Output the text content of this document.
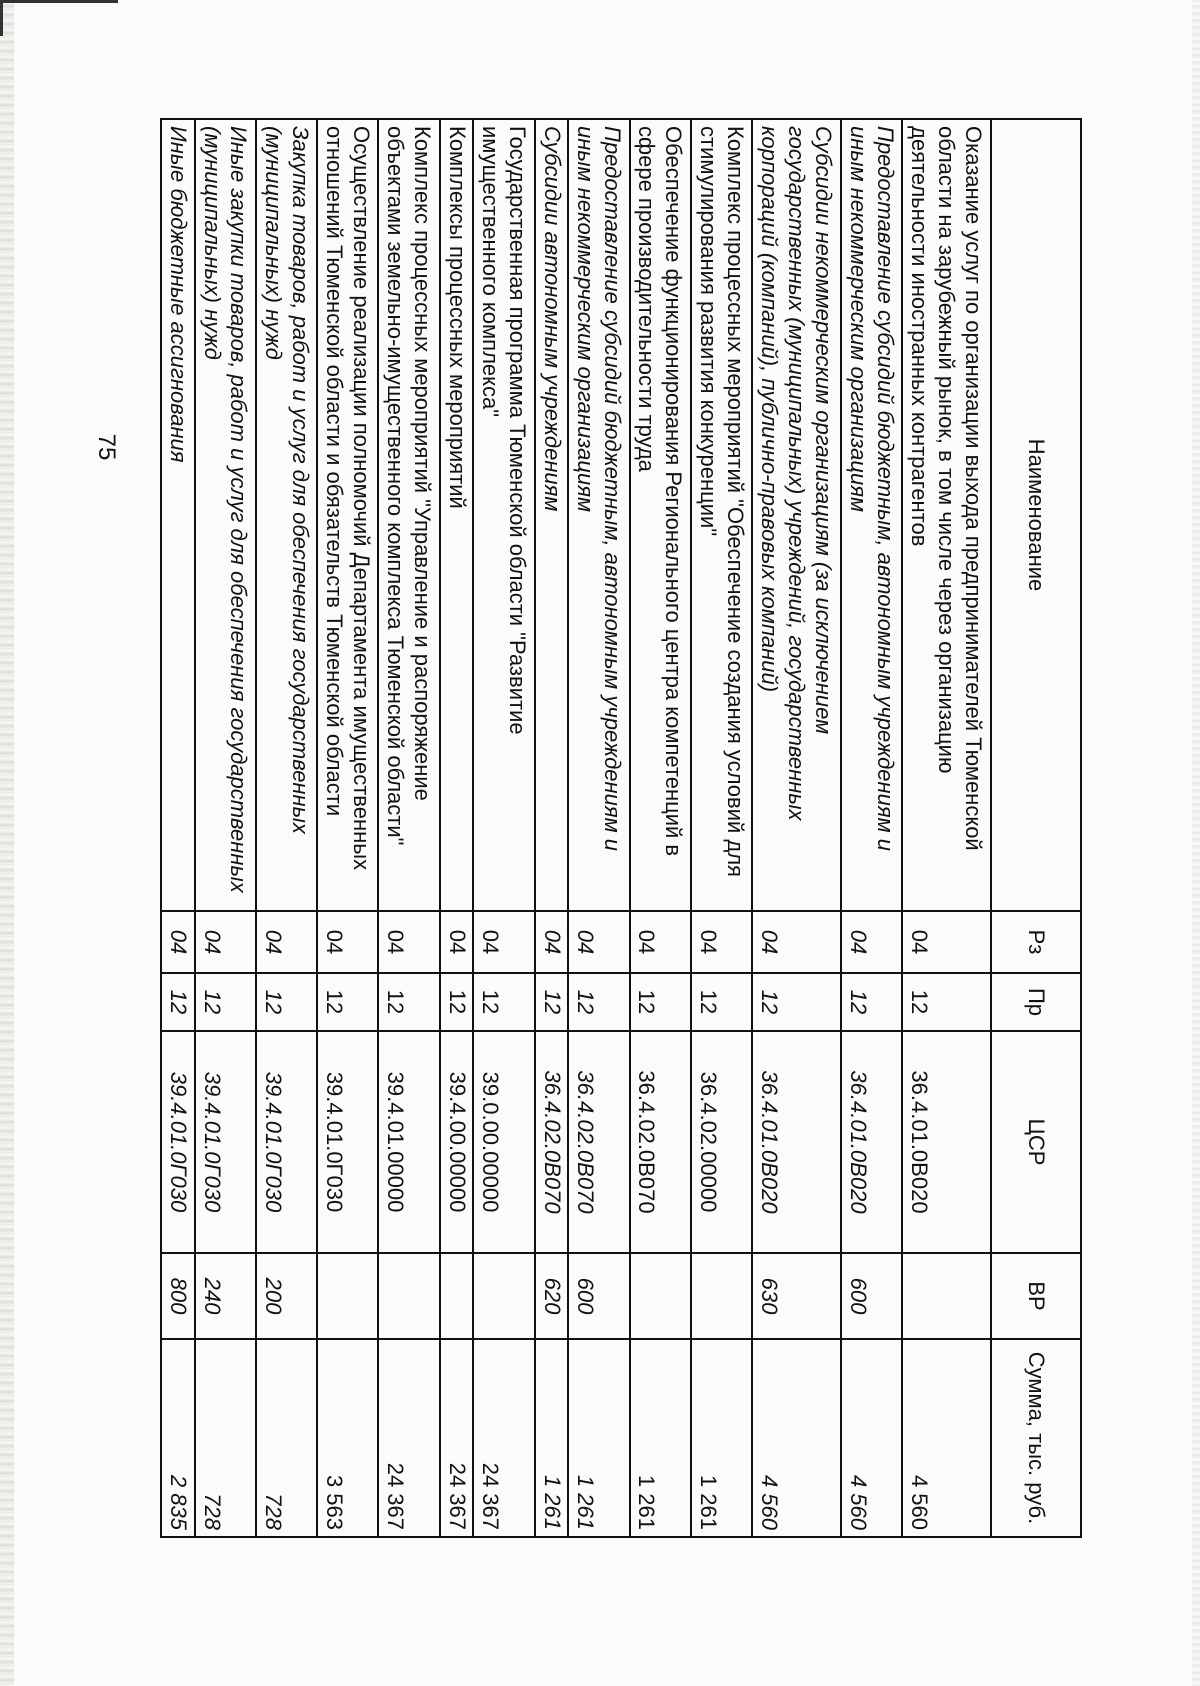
75	Наименование	Рз	Пр	ЦСР	ВР	Сумма, тыс. руб.
Оказание услуг по организации выхода предпринимателей Тюменской области на зарубежный рынок, в том числе через организацию деятельности иностранных контрагентов	04	12	36.4.01.0В020		4 560
Предоставление субсидий бюджетным, автономным учреждениям и иным некоммерческим организациям	04	12	36.4.01.0В020	600	4 560
Субсидии некоммерческим организациям (за исключением государственных (муниципальных) учреждений, государственных корпораций (компаний), публично-правовых компаний)	04	12	36.4.01.0В020	630	4 560
Комплекс процессных мероприятий "Обеспечение создания условий для стимулирования развития конкуренции"	04	12	36.4.02.00000		1 261
Обеспечение функционирования Регионального центра компетенций в сфере производительности труда	04	12	36.4.02.0В070		1 261
Предоставление субсидий бюджетным, автономным учреждениям и иным некоммерческим организациям	04	12	36.4.02.0В070	600	1 261
Субсидии автономным учреждениям	04	12	36.4.02.0В070	620	1 261
Государственная программа Тюменской области "Развитие имущественного комплекса"	04	12	39.0.00.00000		24 367
Комплексы процессных мероприятий	04	12	39.4.00.00000		24 367
Комплекс процессных мероприятий "Управление и распоряжение объектами земельно-имущественного комплекса Тюменской области"	04	12	39.4.01.00000		24 367
Осуществление реализации полномочий Департамента имущественных отношений Тюменской области и обязательств Тюменской области	04	12	39.4.01.0Г030		3 563
Закупка товаров, работ и услуг для обеспечения государственных (муниципальных) нужд	04	12	39.4.01.0Г030	200	728
Иные закупки товаров, работ и услуг для обеспечения государственных (муниципальных) нужд	04	12	39.4.01.0Г030	240	728
Иные бюджетные ассигнования	04	12	39.4.01.0Г030	800	2 835
